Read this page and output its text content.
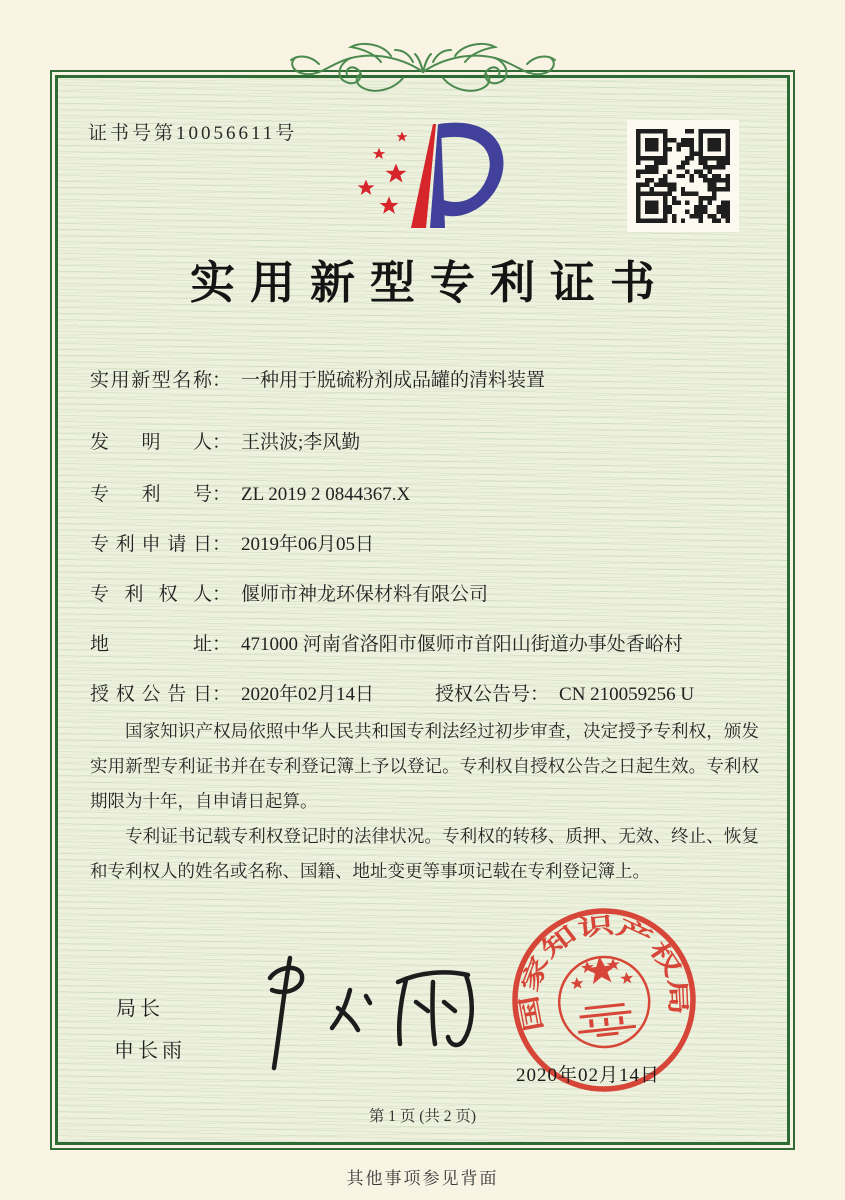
证书号第10056611号
实用新型专利证书
实用新型名称： 一种用于脱硫粉剂成品罐的清料装置
发明人： 王洪波;李风勤
专利号： ZL 2019 2 0844367.X
专利申请日： 2019年06月05日
专利权人： 偃师市神龙环保材料有限公司
地址： 471000 河南省洛阳市偃师市首阳山街道办事处香峪村
授权公告日： 2020年02月14日	授权公告号： CN 210059256 U

国家知识产权局依照中华人民共和国专利法经过初步审查，决定授予专利权，颁发实用新型专利证书并在专利登记簿上予以登记。专利权自授权公告之日起生效。专利权期限为十年，自申请日起算。

专利证书记载专利权登记时的法律状况。专利权的转移、质押、无效、终止、恢复和专利权人的姓名或名称、国籍、地址变更等事项记载在专利登记簿上。

局长
申长雨
国家知识产权局
2020年02月14日
第 1 页 (共 2 页)
其他事项参见背面
